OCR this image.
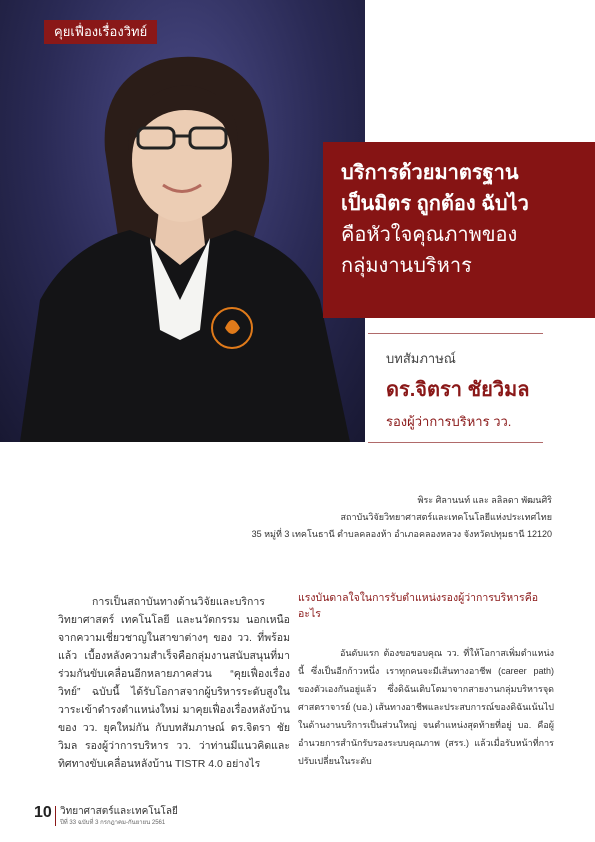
คุยเฟื่องเรื่องวิทย์
บริการด้วยมาตรฐาน
เป็นมิตร ถูกต้อง ฉับไว
คือหัวใจคุณภาพของ
กลุ่มงานบริหาร
บทสัมภาษณ์
ดร.จิตรา ชัยวิมล
รองผู้ว่าการบริหาร วว.
พิระ ศิลานนท์ และ ลลิลดา พัฒนศิริ
สถาบันวิจัยวิทยาศาสตร์และเทคโนโลยีแห่งประเทศไทย
35 หมู่ที่ 3 เทคโนธานี ตำบลคลองห้า อำเภอคลองหลวง จังหวัดปทุมธานี 12120
การเป็นสถาบันทางด้านวิจัยและบริการวิทยาศาสตร์ เทคโนโลยี และนวัตกรรม นอกเหนือจากความเชี่ยวชาญในสาขาต่างๆ ของ วว. ที่พร้อมแล้ว เบื้องหลังความสำเร็จคือกลุ่มงานสนับสนุนที่มาร่วมกันขับเคลื่อนอีกหลายภาคส่วน “คุยเฟื่องเรื่องวิทย์” ฉบับนี้ ได้รับโอกาสจากผู้บริหารระดับสูงในวาระเข้าดำรงตำแหน่งใหม่ มาคุยเฟื่องเรื่องหลังบ้านของ วว. ยุคใหม่กัน กับบทสัมภาษณ์ ดร.จิตรา ชัยวิมล รองผู้ว่าการบริหาร วว. ว่าท่านมีแนวคิดและทิศทางขับเคลื่อนหลังบ้าน TISTR 4.0 อย่างไร
แรงบันดาลใจในการรับตำแหน่งรองผู้ว่าการบริหารคือ อะไร
อันดับแรก ต้องขอขอบคุณ วว. ที่ให้โอกาสเพิ่มตำแหน่งนี้ ซึ่งเป็นอีกก้าวหนึ่ง เราทุกคนจะมีเส้นทางอาชีพ (career path) ของตัวเองกันอยู่แล้ว ซึ่งดิฉันเติบโตมาจากสายงานกลุ่มบริหารจุดศาสตราจารย์ (บอ.) เส้นทางอาชีพและประสบการณ์ของดิฉันเน้นไปในด้านงานบริการเป็นส่วนใหญ่ จนตำแหน่งสุดท้ายที่อยู่ บอ. คือผู้อำนวยการสำนักรับรองระบบคุณภาพ (สรร.) แล้วเมื่อรับหน้าที่การปรับเปลี่ยนในระดับ
10 วิทยาศาสตร์และเทคโนโลยี
ปีที่ 33 ฉบับที่ 3 กรกฎาคม-กันยายน 2561
